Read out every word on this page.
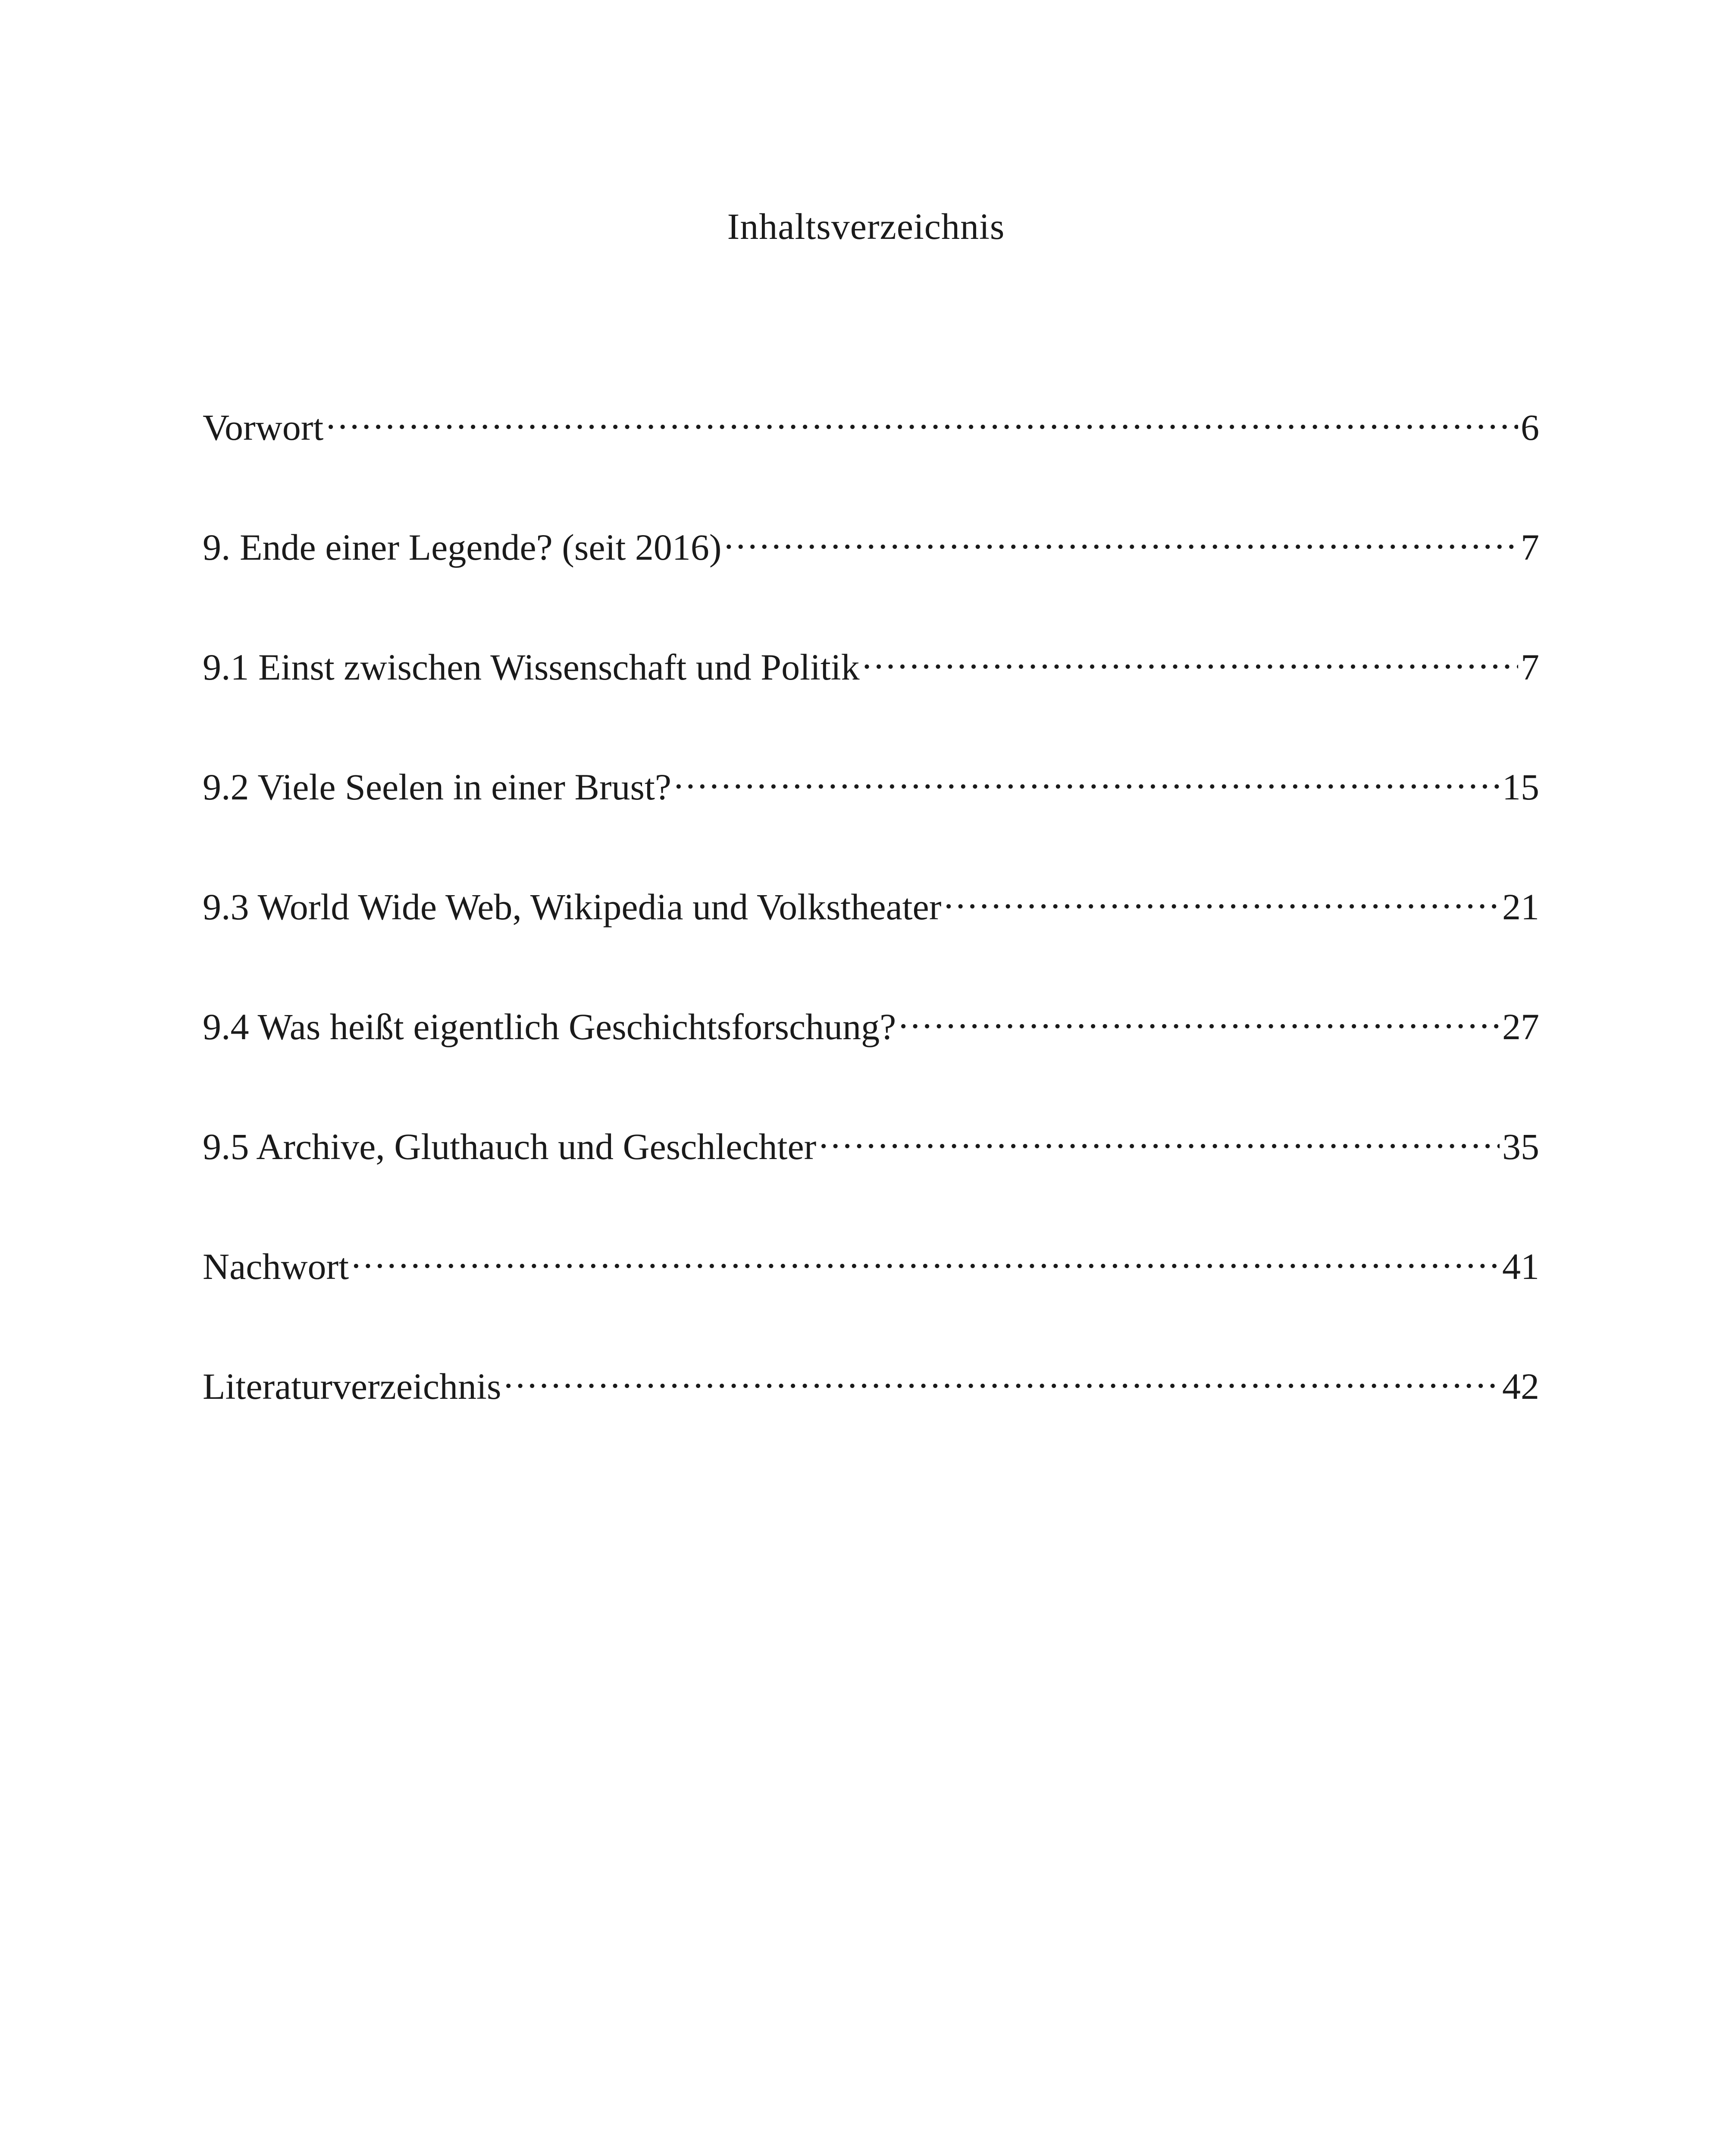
Inhaltsverzeichnis
Vorwort .....	6
9. Ende einer Legende? (seit 2016) .....	7
9.1 Einst zwischen Wissenschaft und Politik .....	7
9.2 Viele Seelen in einer Brust? .....	15
9.3 World Wide Web, Wikipedia und Volkstheater .....	21
9.4 Was heißt eigentlich Geschichtsforschung? .....	27
9.5 Archive, Gluthauch und Geschlechter .....	35
Nachwort .....	41
Literaturverzeichnis .....	42
